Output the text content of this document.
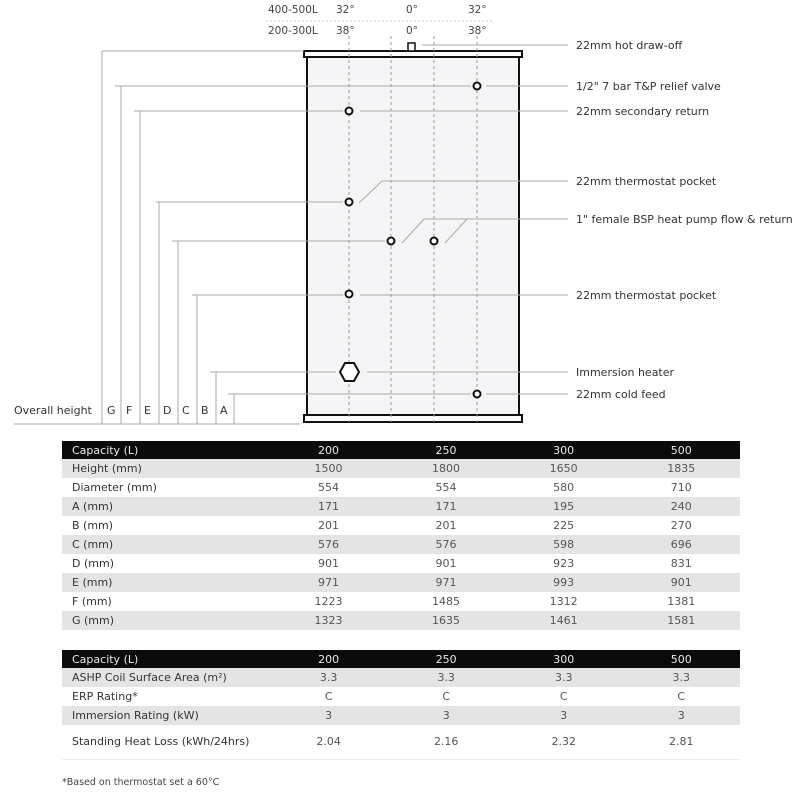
400-500L 32°	0°	32°
200-300L 38°	0°	38°
22mm hot draw-off
1/2" 7 bar T&P relief valve
22mm secondary return
22mm thermostat pocket
1" female BSP heat pump flow & return
22mm thermostat pocket
Immersion heater
22mm cold feed
Overall height G F E D C B A
Capacity (L)	200	250	300	500
Height (mm)	1500	1800	1650	1835
Diameter (mm)	554	554	580	710
A (mm)	171	171	195	240
B (mm)	201	201	225	270
C (mm)	576	576	598	696
D (mm)	901	901	923	831
E (mm)	971	971	993	901
F (mm)	1223	1485	1312	1381
G (mm)	1323	1635	1461	1581
Capacity (L)	200	250	300	500
ASHP Coil Surface Area (m²)	3.3	3.3	3.3	3.3
ERP Rating*	C	C	C	C
Immersion Rating (kW)	3	3	3	3
Standing Heat Loss (kWh/24hrs)	2.04	2.16	2.32	2.81
*Based on thermostat set a 60°C
